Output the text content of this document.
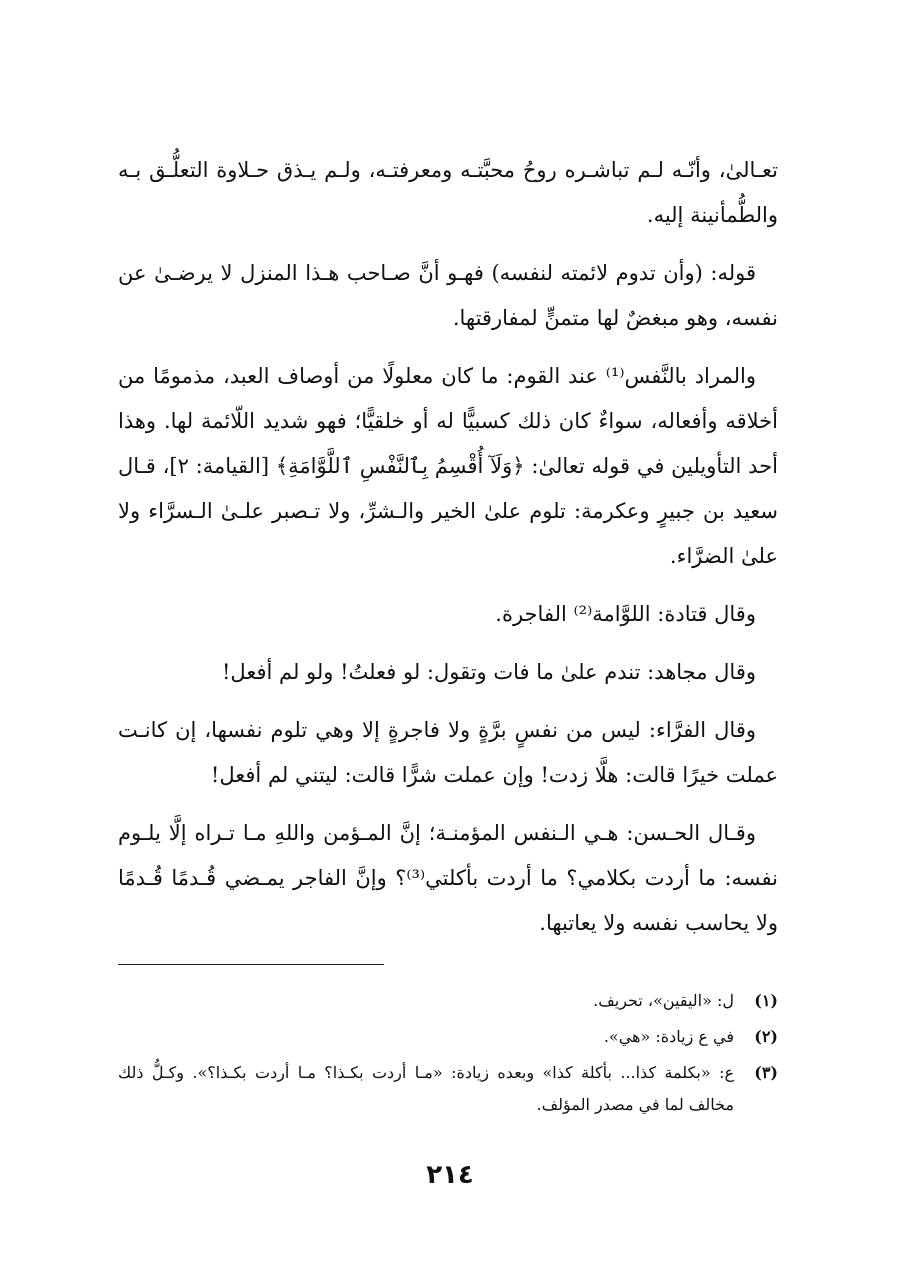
تعـالىٰ، وأنّـه لـم تباشـره روحُ محبَّتـه ومعرفتـه، ولـم يـذق حـلاوة التعلُّـق بـه والطُّمأنينة إليه.

قوله: (وأن تدوم لائمته لنفسه) فهـو أنَّ صـاحب هـذا المنزل لا يرضـىٰ عن نفسه، وهو مبغضٌ لها متمنٍّ لمفارقتها.

والمراد بالنَّفس⁽¹⁾ عند القوم: ما كان معلولًا من أوصاف العبد، مذمومًا من أخلاقه وأفعاله، سواءٌ كان ذلك كسبيًّا له أو خلقيًّا؛ فهو شديد اللّائمة لها. وهذا أحد التأويلين في قوله تعالىٰ: ﴿وَلَآ أُقْسِمُ بِٱلنَّفْسِ ٱللَّوَّامَةِ﴾ [القيامة: ٢]، قـال سعيد بن جبيرٍ وعكرمة: تلوم علىٰ الخير والـشرِّ، ولا تـصبر علـىٰ الـسرَّاء ولا علىٰ الضرَّاء.

وقال قتادة: اللوَّامة⁽²⁾ الفاجرة.

وقال مجاهد: تندم علىٰ ما فات وتقول: لو فعلتُ! ولو لم أفعل!

وقال الفرَّاء: ليس من نفسٍ برَّةٍ ولا فاجرةٍ إلا وهي تلوم نفسها، إن كانـت عملت خيرًا قالت: هلَّا زدت! وإن عملت شرًّا قالت: ليتني لم أفعل!

وقـال الحـسن: هـي الـنفس المؤمنـة؛ إنَّ المـؤمن واللهِ مـا تـراه إلَّا يلـوم نفسه: ما أردت بكلامي؟ ما أردت بأكلتي⁽³⁾؟ وإنَّ الفاجر يمـضي قُـدمًا قُـدمًا ولا يحاسب نفسه ولا يعاتبها.

(١)
ل: «اليقين»، تحريف.
(٢)
في ع زيادة: «هي».
(٣)
ع: «بكلمة كذا... بأكلة كذا» وبعده زيادة: «مـا أردت بكـذا؟ مـا أردت بكـذا؟». وكـلُّ ذلك مخالف لما في مصدر المؤلف.
٢١٤
